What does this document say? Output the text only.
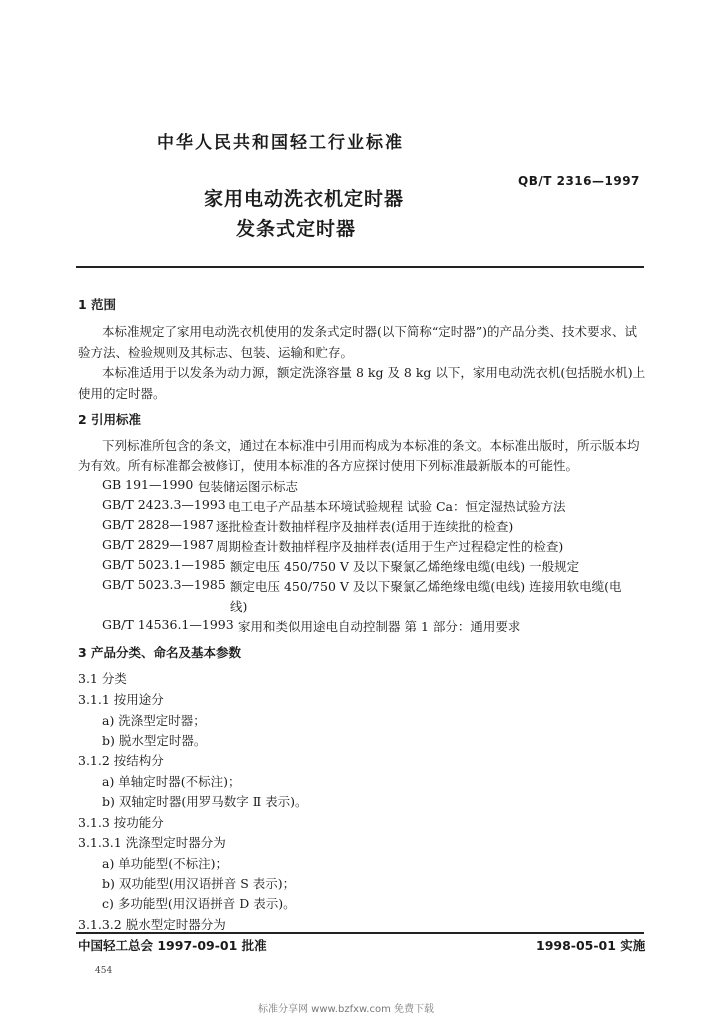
中华人民共和国轻工行业标准
QB/T 2316—1997
家用电动洗衣机定时器
发条式定时器
1 范围
本标准规定了家用电动洗衣机使用的发条式定时器(以下简称“定时器”)的产品分类、技术要求、试
验方法、检验规则及其标志、包装、运输和贮存。
本标准适用于以发条为动力源，额定洗涤容量 8 kg 及 8 kg 以下，家用电动洗衣机(包括脱水机)上
使用的定时器。
2 引用标准
下列标准所包含的条文，通过在本标准中引用而构成为本标准的条文。本标准出版时，所示版本均
为有效。所有标准都会被修订，使用本标准的各方应探讨使用下列标准最新版本的可能性。
GB 191—1990 包装储运图示标志
GB/T 2423.3—1993 电工电子产品基本环境试验规程 试验 Ca：恒定湿热试验方法
GB/T 2828—1987 逐批检查计数抽样程序及抽样表(适用于连续批的检查)
GB/T 2829—1987 周期检查计数抽样程序及抽样表(适用于生产过程稳定性的检查)
GB/T 5023.1—1985 额定电压 450/750 V 及以下聚氯乙烯绝缘电缆(电线) 一般规定
GB/T 5023.3—1985 额定电压 450/750 V 及以下聚氯乙烯绝缘电缆(电线) 连接用软电缆(电
线)
GB/T 14536.1—1993 家用和类似用途电自动控制器 第 1 部分：通用要求
3 产品分类、命名及基本参数
3.1 分类
3.1.1 按用途分
a) 洗涤型定时器；
b) 脱水型定时器。
3.1.2 按结构分
a) 单轴定时器(不标注)；
b) 双轴定时器(用罗马数字 Ⅱ 表示)。
3.1.3 按功能分
3.1.3.1 洗涤型定时器分为
a) 单功能型(不标注)；
b) 双功能型(用汉语拼音 S 表示)；
c) 多功能型(用汉语拼音 D 表示)。
3.1.3.2 脱水型定时器分为
中国轻工总会 1997-09-01 批准	1998-05-01 实施
454
标准分享网 www.bzfxw.com 免费下载
